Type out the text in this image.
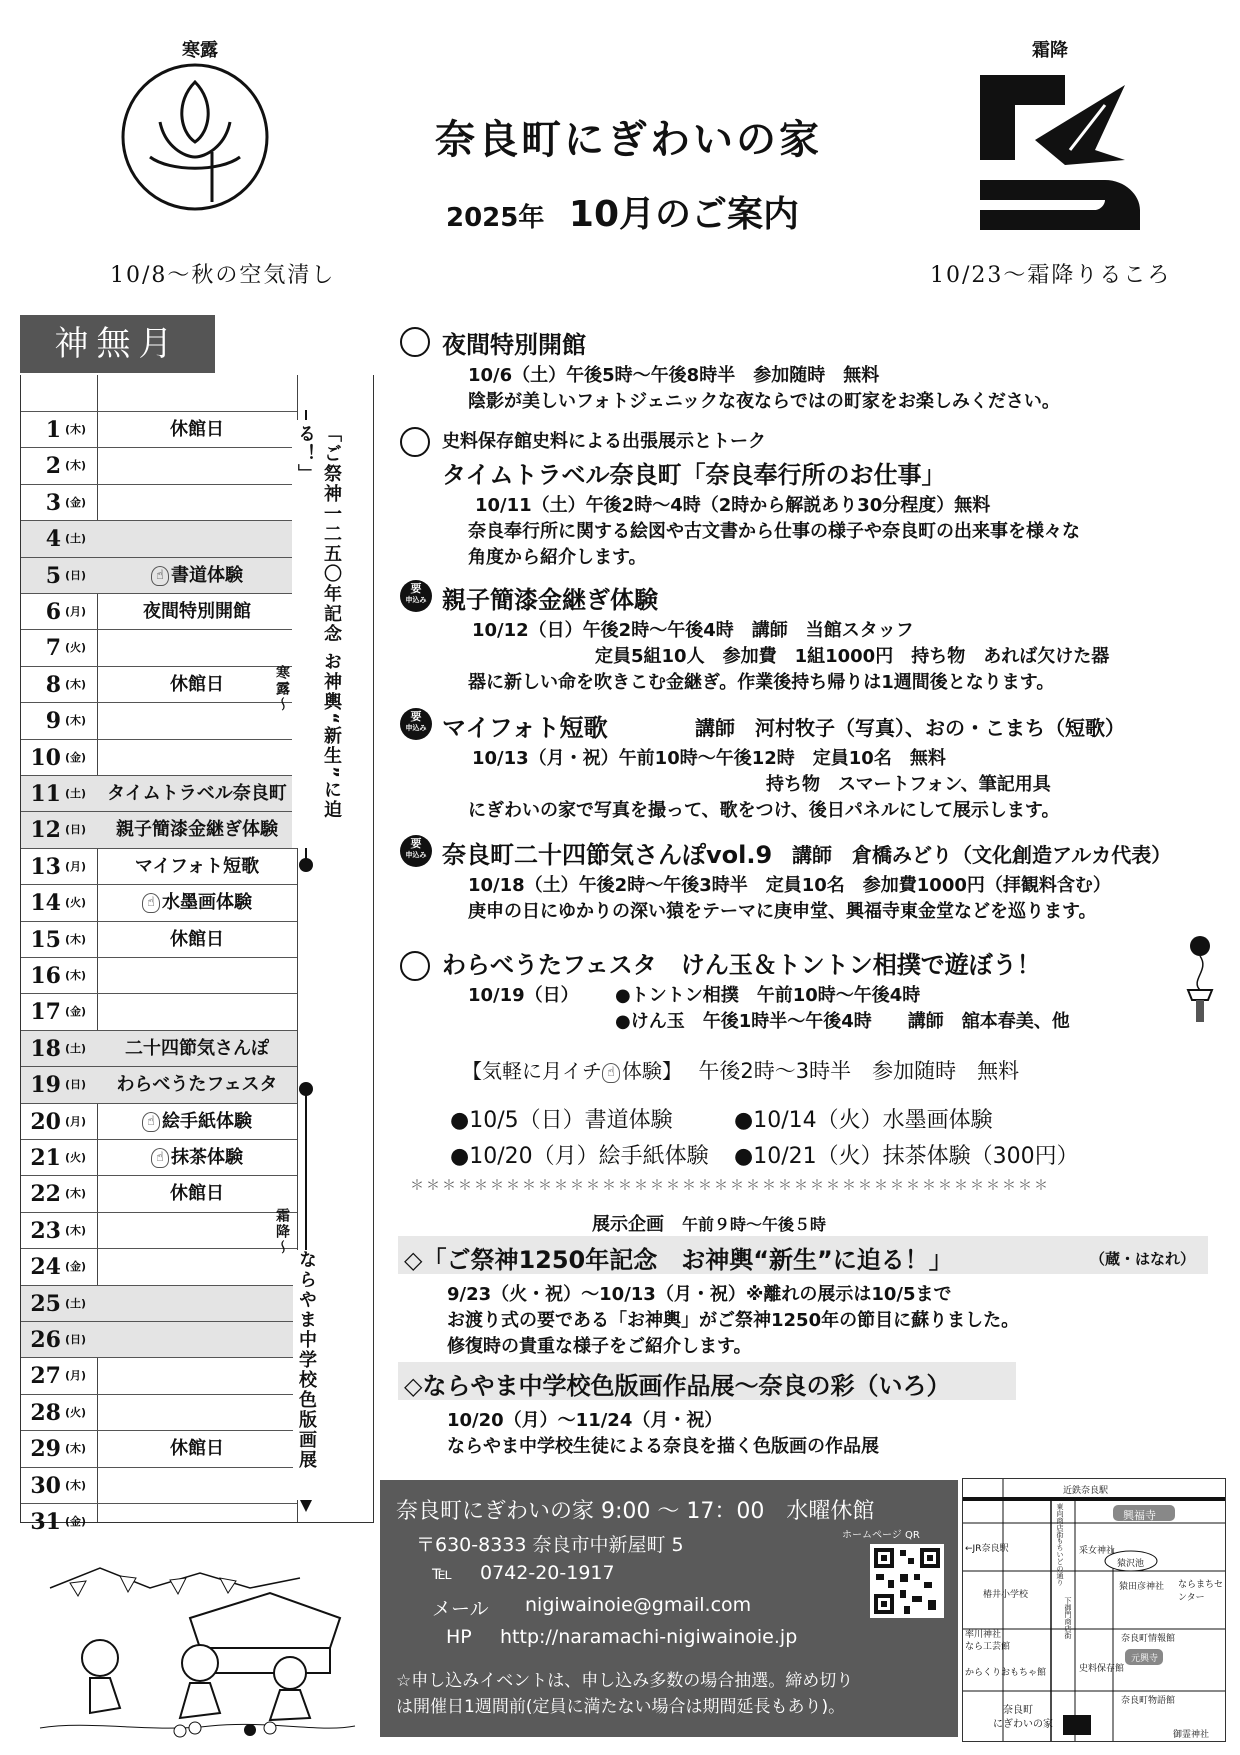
寒露
10/8～秋の空気清し
奈良町にぎわいの家
2025年 10月のご案内
霜降
10/23～霜降りるころ
神無月
1 (木)	休館日
2 (木)
3 (金)
4 (土)
5 (日)	☝ 書道体験
6 (月)	夜間特別開館
7 (火)
8 (木)	休館日
9 (木)
10 (金)
11 (土)	タイムトラベル奈良町
12 (日)	親子簡漆金継ぎ体験
13 (月)	マイフォト短歌
14 (火)	☝ 水墨画体験
15 (木)	休館日
16 (木)
17 (金)
18 (土)	二十四節気さんぽ
19 (日)	わらべうたフェスタ
20 (月)	☝ 絵手紙体験
21 (火)	☝ 抹茶体験
22 (木)	休館日
23 (木)
24 (金)
25 (土)
26 (日)
27 (月)
28 (火)
29 (木)	休館日
30 (木)
31 (金)
「ご祭神一二五〇年記念 お神輿“新生”に迫る！」
ならやま中学校色版画展
寒露～
霜降～
夜間特別開館
10/6（土）午後5時～午後8時半　参加随時　無料
陰影が美しいフォトジェニックな夜ならではの町家をお楽しみください。
史料保存館史料による出張展示とトーク
タイムトラベル奈良町「奈良奉行所のお仕事」
10/11（土）午後2時～4時（2時から解説あり30分程度）無料
奈良奉行所に関する絵図や古文書から仕事の様子や奈良町の出来事を様々な
角度から紹介します。
要
申込み 親子簡漆金継ぎ体験
10/12（日）午後2時～午後4時　講師　当館スタッフ
定員5組10人　参加費　1組1000円　持ち物　あれば欠けた器
器に新しい命を吹きこむ金継ぎ。作業後持ち帰りは1週間後となります。
要
申込み マイフォト短歌	講師　河村牧子（写真）、おの・こまち（短歌）
10/13（月・祝）午前10時～午後12時　定員10名　無料
持ち物　スマートフォン、筆記用具
にぎわいの家で写真を撮って、歌をつけ、後日パネルにして展示します。
要
申込み 奈良町二十四節気さんぽvol.9 講師　倉橋みどり（文化創造アルカ代表）
10/18（土）午後2時～午後3時半　定員10名　参加費1000円（拝観料含む）
庚申の日にゆかりの深い猿をテーマに庚申堂、興福寺東金堂などを巡ります。
わらべうたフェスタ　けん玉＆トントン相撲で遊ぼう！
10/19（日） ●トントン相撲　午前10時～午後4時
●けん玉　午後1時半～午後4時　　講師　舘本春美、他
【気軽に月イチ ☝ 体験】 午後2時～3時半　参加随時　無料
●10/5（日）書道体験	●10/14（火）水墨画体験
●10/20（月）絵手紙体験 ●10/21（火）抹茶体験（300円）
＊＊＊＊＊＊＊＊＊＊＊＊＊＊＊＊＊＊＊＊＊＊＊＊＊＊＊＊＊＊＊＊＊＊＊＊＊＊＊＊
展示企画 午前９時～午後５時
◇「ご祭神1250年記念　お神輿“新生”に迫る！」	（蔵・はなれ）
9/23（火・祝）～10/13（月・祝）※離れの展示は10/5まで
お渡り式の要である「お神輿」がご祭神1250年の節目に蘇りました。
修復時の貴重な様子をご紹介します。
◇ならやま中学校色版画作品展～奈良の彩（いろ）
10/20（月）～11/24（月・祝）
ならやま中学校生徒による奈良を描く色版画の作品展
奈良町にぎわいの家 9:00 ～ 17：00　水曜休館
ホームページ QR
〒630-8333 奈良市中新屋町 5
℡ 0742-20-1917
メール nigiwainoie@gmail.com
HP http://naramachi-nigiwainoie.jp
☆申し込みイベントは、申し込み多数の場合抽選。締め切り
は開催日1週間前(定員に満たない場合は期間延長もあり)。
近鉄奈良駅
興福寺
東向商店街
←JR奈良駅	采女神社
猿沢池
もちいどの通り
猿田彦神社 ならまちセンター
椿井小学校
下御門商店街
率川神社	奈良町情報館
なら工芸館
元興寺
からくりおもちゃ館	史料保存館
奈良町物語館
奈良町
にぎわいの家
御霊神社
